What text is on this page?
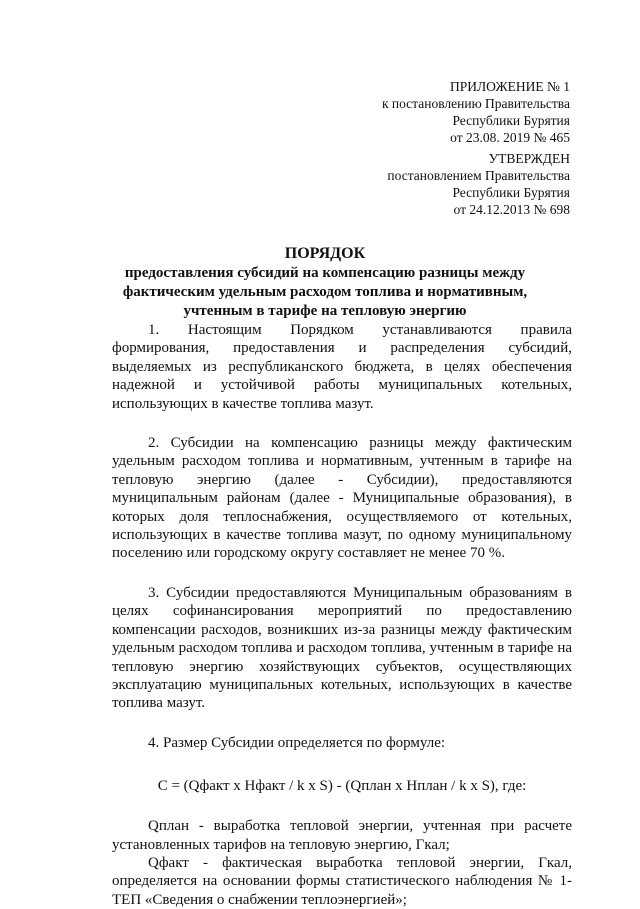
ПРИЛОЖЕНИЕ № 1
к постановлению Правительства
Республики Бурятия
от 23.08. 2019 № 465
УТВЕРЖДЕН
постановлением Правительства
Республики Бурятия
от 24.12.2013 № 698
ПОРЯДОК
предоставления субсидий на компенсацию разницы между
фактическим удельным расходом топлива и нормативным,
учтенным в тарифе на тепловую энергию

1. Настоящим Порядком устанавливаются правила формирования, предоставления и распределения субсидий, выделяемых из республиканского бюджета, в целях обеспечения надежной и устойчивой работы муниципальных котельных, использующих в качестве топлива мазут.

2. Субсидии на компенсацию разницы между фактическим удельным расходом топлива и нормативным, учтенным в тарифе на тепловую энергию (далее - Субсидии), предоставляются муниципальным районам (далее - Муниципальные образования), в которых доля теплоснабжения, осуществляемого от котельных, использующих в качестве топлива мазут, по одному муниципальному поселению или городскому округу составляет не менее 70 %.

3. Субсидии предоставляются Муниципальным образованиям в целях софинансирования мероприятий по предоставлению компенсации расходов, возникших из-за разницы между фактическим удельным расходом топлива и расходом топлива, учтенным в тарифе на тепловую энергию хозяйствующих субъектов, осуществляющих эксплуатацию муниципальных котельных, использующих в качестве топлива мазут.

4. Размер Субсидии определяется по формуле:

С = (Qфакт х Нфакт / k х S) - (Qплан х Нплан / k х S), где:

Qплан - выработка тепловой энергии, учтенная при расчете установленных тарифов на тепловую энергию, Гкал;

Qфакт - фактическая выработка тепловой энергии, Гкал, определяется на основании формы статистического наблюдения № 1-ТЕП «Сведения о снабжении теплоэнергией»;
